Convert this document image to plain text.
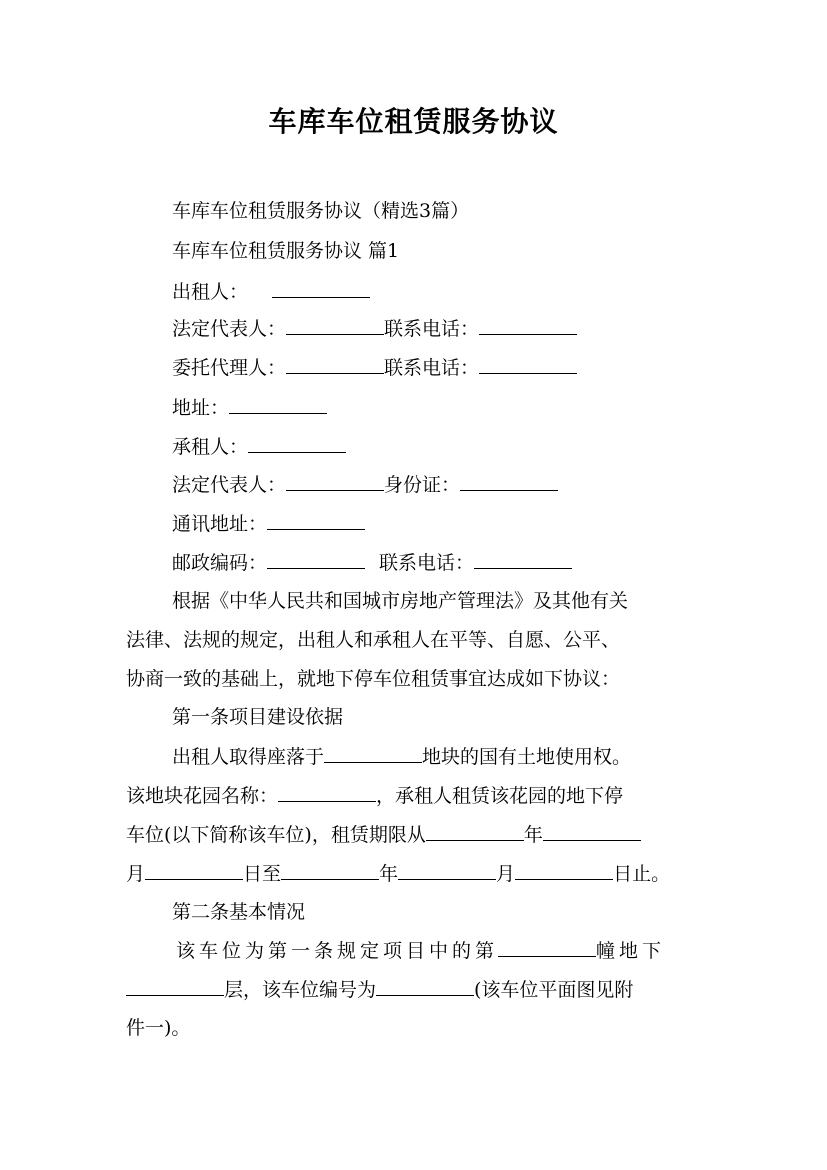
车库车位租赁服务协议
车库车位租赁服务协议（精选3篇）
车库车位租赁服务协议 篇1
出租人：
法定代表人：	联系电话：
委托代理人：	联系电话：
地址：
承租人：
法定代表人：	身份证：
通讯地址：
邮政编码：	联系电话：
根据《中华人民共和国城市房地产管理法》及其他有关
法律、法规的规定，出租人和承租人在平等、自愿、公平、
协商一致的基础上，就地下停车位租赁事宜达成如下协议：
第一条项目建设依据
出租人取得座落于	地块的国有土地使用权。
该地块花园名称：	，承租人租赁该花园的地下停
车位(以下简称该车位)，租赁期限从	年
月	日至	年	月	日止。
第二条基本情况
该车位为第一条规定项目中的第	幢地下
层，该车位编号为	(该车位平面图见附
件一)。
